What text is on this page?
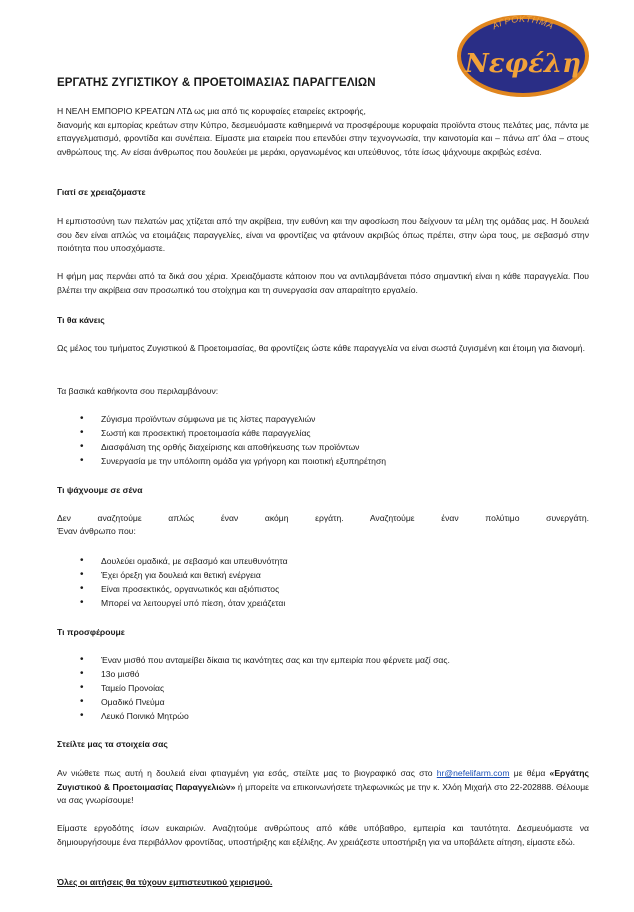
ΑΓΡΟΚΤΗΜΑ
Νεφέλη
ΕΡΓΑΤΗΣ ΖΥΓΙΣΤΙΚΟΥ & ΠΡΟΕΤΟΙΜΑΣΙΑΣ ΠΑΡΑΓΓΕΛΙΩΝ

Η ΝΕΛΗ ΕΜΠΟΡΙΟ ΚΡΕΑΤΩΝ ΛΤΔ ως μια από τις κορυφαίες εταιρείες εκτροφής,
διανομής και εμπορίας κρεάτων στην Κύπρο, δεσμευόμαστε καθημερινά να προσφέρουμε κορυφαία προϊόντα στους πελάτες μας, πάντα με επαγγελματισμό, φροντίδα και συνέπεια. Είμαστε μια εταιρεία που επενδύει στην τεχνογνωσία, την καινοτομία και – πάνω απ' όλα – στους ανθρώπους της. Αν είσαι άνθρωπος που δουλεύει με μεράκι, οργανωμένος και υπεύθυνος, τότε ίσως ψάχνουμε ακριβώς εσένα.

Γιατί σε χρειαζόμαστε

Η εμπιστοσύνη των πελατών μας χτίζεται από την ακρίβεια, την ευθύνη και την αφοσίωση που δείχνουν τα μέλη της ομάδας μας. Η δουλειά σου δεν είναι απλώς να ετοιμάζεις παραγγελίες, είναι να φροντίζεις να φτάνουν ακριβώς όπως πρέπει, στην ώρα τους, με σεβασμό στην ποιότητα που υποσχόμαστε.

Η φήμη μας περνάει από τα δικά σου χέρια. Χρειαζόμαστε κάποιον που να αντιλαμβάνεται πόσο σημαντική είναι η κάθε παραγγελία. Που βλέπει την ακρίβεια σαν προσωπικό του στοίχημα και τη συνεργασία σαν απαραίτητο εργαλείο.

Τι θα κάνεις

Ως μέλος του τμήματος Ζυγιστικού & Προετοιμασίας, θα φροντίζεις ώστε κάθε παραγγελία να είναι σωστά ζυγισμένη και έτοιμη για διανομή.

Τα βασικά καθήκοντα σου περιλαμβάνουν:

• Ζύγισμα προϊόντων σύμφωνα με τις λίστες παραγγελιών
• Σωστή και προσεκτική προετοιμασία κάθε παραγγελίας
• Διασφάλιση της ορθής διαχείρισης και αποθήκευσης των προϊόντων
• Συνεργασία με την υπόλοιπη ομάδα για γρήγορη και ποιοτική εξυπηρέτηση

Τι ψάχνουμε σε σένα

Δεν αναζητούμε απλώς έναν ακόμη εργάτη. Αναζητούμε έναν πολύτιμο συνεργάτη.

Έναν άνθρωπο που:

• Δουλεύει ομαδικά, με σεβασμό και υπευθυνότητα
• Έχει όρεξη για δουλειά και θετική ενέργεια
• Είναι προσεκτικός, οργανωτικός και αξιόπιστος
• Μπορεί να λειτουργεί υπό πίεση, όταν χρειάζεται

Τι προσφέρουμε

• Έναν μισθό που ανταμείβει δίκαια τις ικανότητες σας και την εμπειρία που φέρνετε μαζί σας.
• 13ο μισθό
• Ταμείο Προνοίας
• Ομαδικό Πνεύμα
• Λευκό Ποινικό Μητρώο

Στείλτε μας τα στοιχεία σας

Αν νιώθετε πως αυτή η δουλειά είναι φτιαγμένη για εσάς, στείλτε μας το βιογραφικό σας στο hr@nefelifarm.com με θέμα «Εργάτης Ζυγιστικού & Προετοιμασίας Παραγγελιών» ή μπορείτε να επικοινωνήσετε τηλεφωνικώς με την κ. Χλόη Μιχαήλ στο 22-202888. Θέλουμε να σας γνωρίσουμε!

Είμαστε εργοδότης ίσων ευκαιριών. Αναζητούμε ανθρώπους από κάθε υπόβαθρο, εμπειρία και ταυτότητα. Δεσμευόμαστε να δημιουργήσουμε ένα περιβάλλον φροντίδας, υποστήριξης και εξέλιξης. Αν χρειάζεστε υποστήριξη για να υποβάλετε αίτηση, είμαστε εδώ.

Όλες οι αιτήσεις θα τύχουν εμπιστευτικού χειρισμού.
